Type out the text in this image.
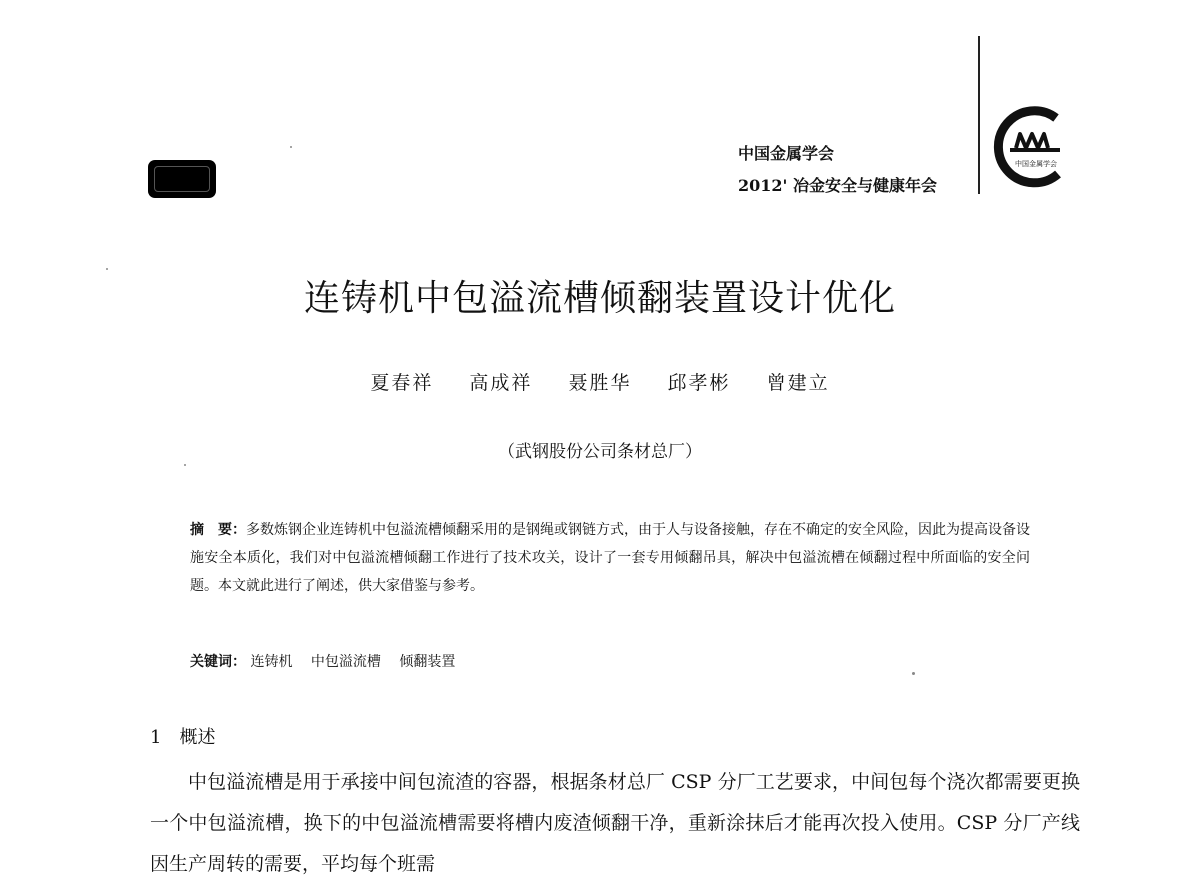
中国金属学会
2012' 冶金安全与健康年会
中国金属学会
连铸机中包溢流槽倾翻装置设计优化
夏春祥 高成祥 聂胜华 邱孝彬 曾建立
（武钢股份公司条材总厂）
摘　要：多数炼钢企业连铸机中包溢流槽倾翻采用的是钢绳或钢链方式，由于人与设备接触，存在不确定的安全风险，因此为提高设备设施安全本质化，我们对中包溢流槽倾翻工作进行了技术攻关，设计了一套专用倾翻吊具，解决中包溢流槽在倾翻过程中所面临的安全问题。本文就此进行了阐述，供大家借鉴与参考。
关键词： 连铸机 中包溢流槽 倾翻装置
1 概述

中包溢流槽是用于承接中间包流渣的容器，根据条材总厂 CSP 分厂工艺要求，中间包每个浇次都需要更换一个中包溢流槽，换下的中包溢流槽需要将槽内废渣倾翻干净，重新涂抹后才能再次投入使用。CSP 分厂产线因生产周转的需要，平均每个班需
